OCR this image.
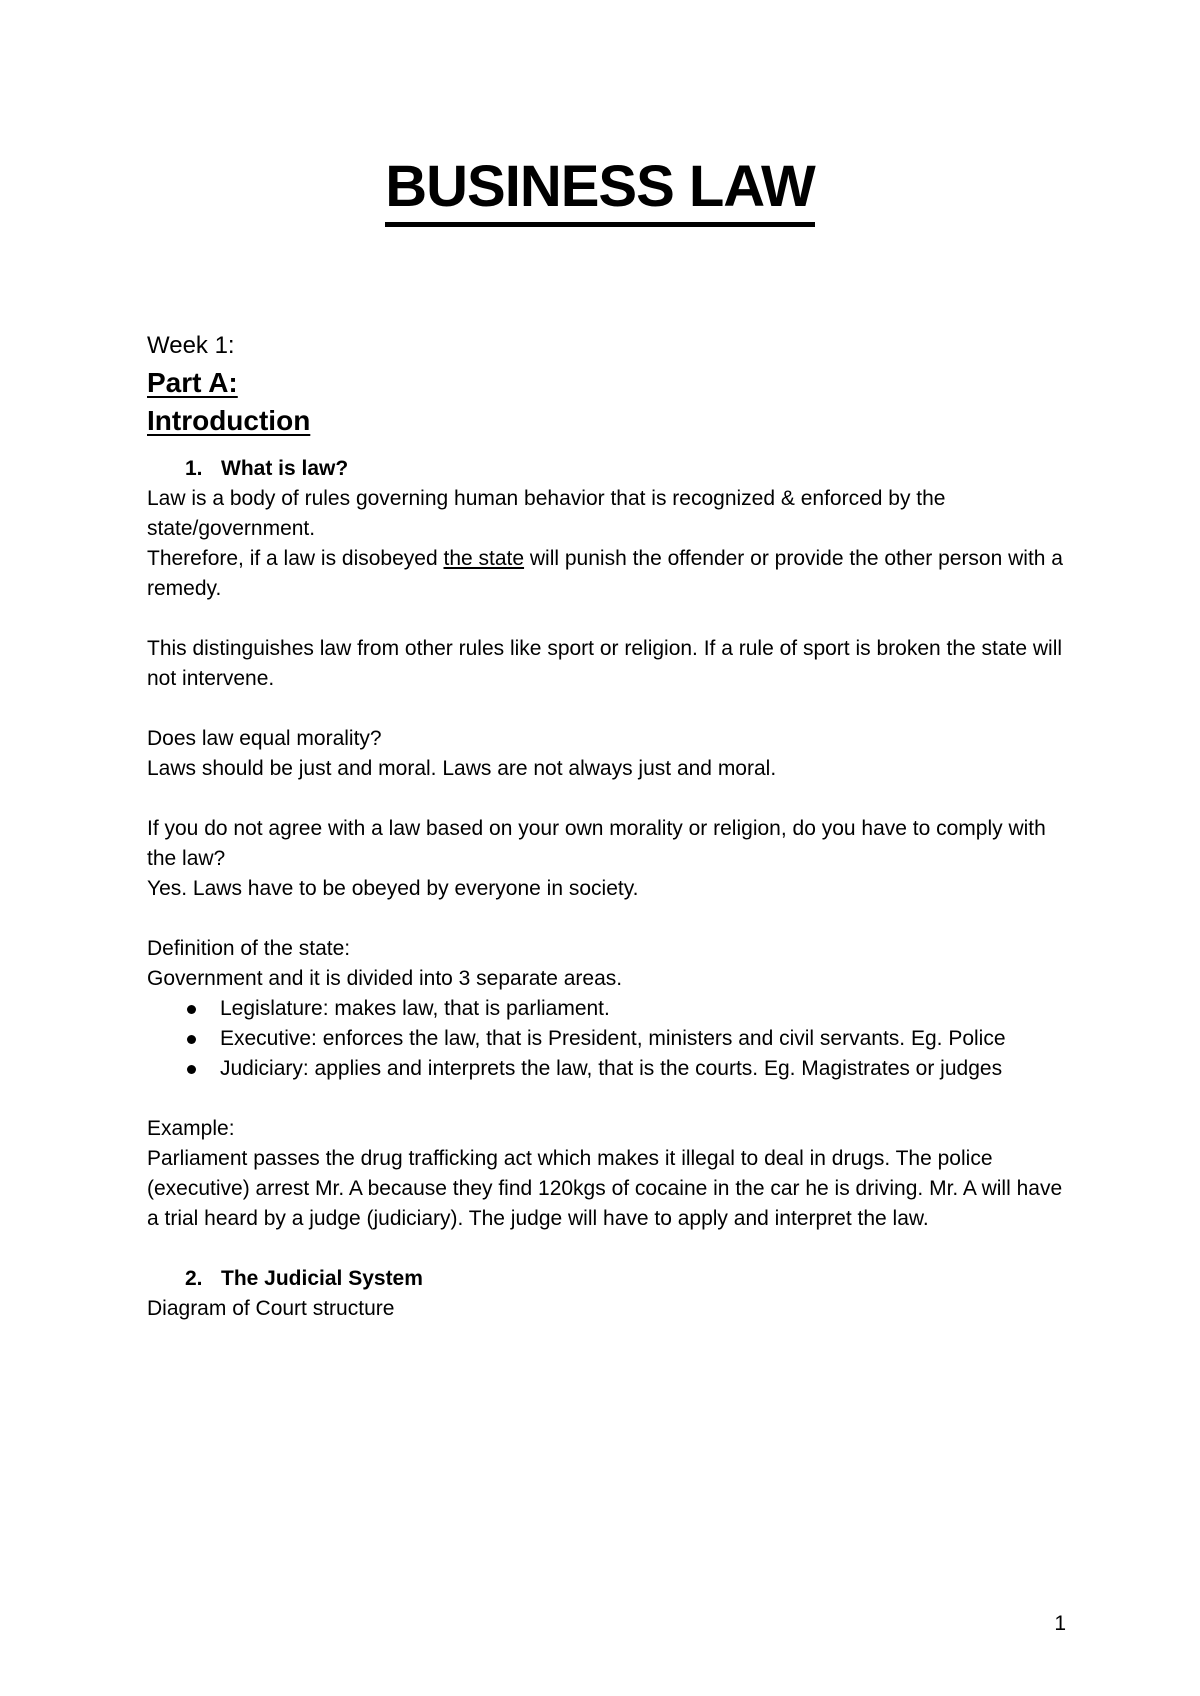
BUSINESS LAW
Week 1:
Part A:
Introduction
1. What is law?

Law is a body of rules governing human behavior that is recognized & enforced by the state/government.

Therefore, if a law is disobeyed the state will punish the offender or provide the other person with a remedy.

This distinguishes law from other rules like sport or religion. If a rule of sport is broken the state will not intervene.

Does law equal morality?

Laws should be just and moral. Laws are not always just and moral.

If you do not agree with a law based on your own morality or religion, do you have to comply with the law?

Yes. Laws have to be obeyed by everyone in society.

Definition of the state:

Government and it is divided into 3 separate areas.

Legislature: makes law, that is parliament.
Executive: enforces the law, that is President, ministers and civil servants. Eg. Police
Judiciary: applies and interprets the law, that is the courts. Eg. Magistrates or judges

Example:

Parliament passes the drug trafficking act which makes it illegal to deal in drugs. The police (executive) arrest Mr. A because they find 120kgs of cocaine in the car he is driving. Mr. A will have a trial heard by a judge (judiciary). The judge will have to apply and interpret the law.

2. The Judicial System

Diagram of Court structure

1
